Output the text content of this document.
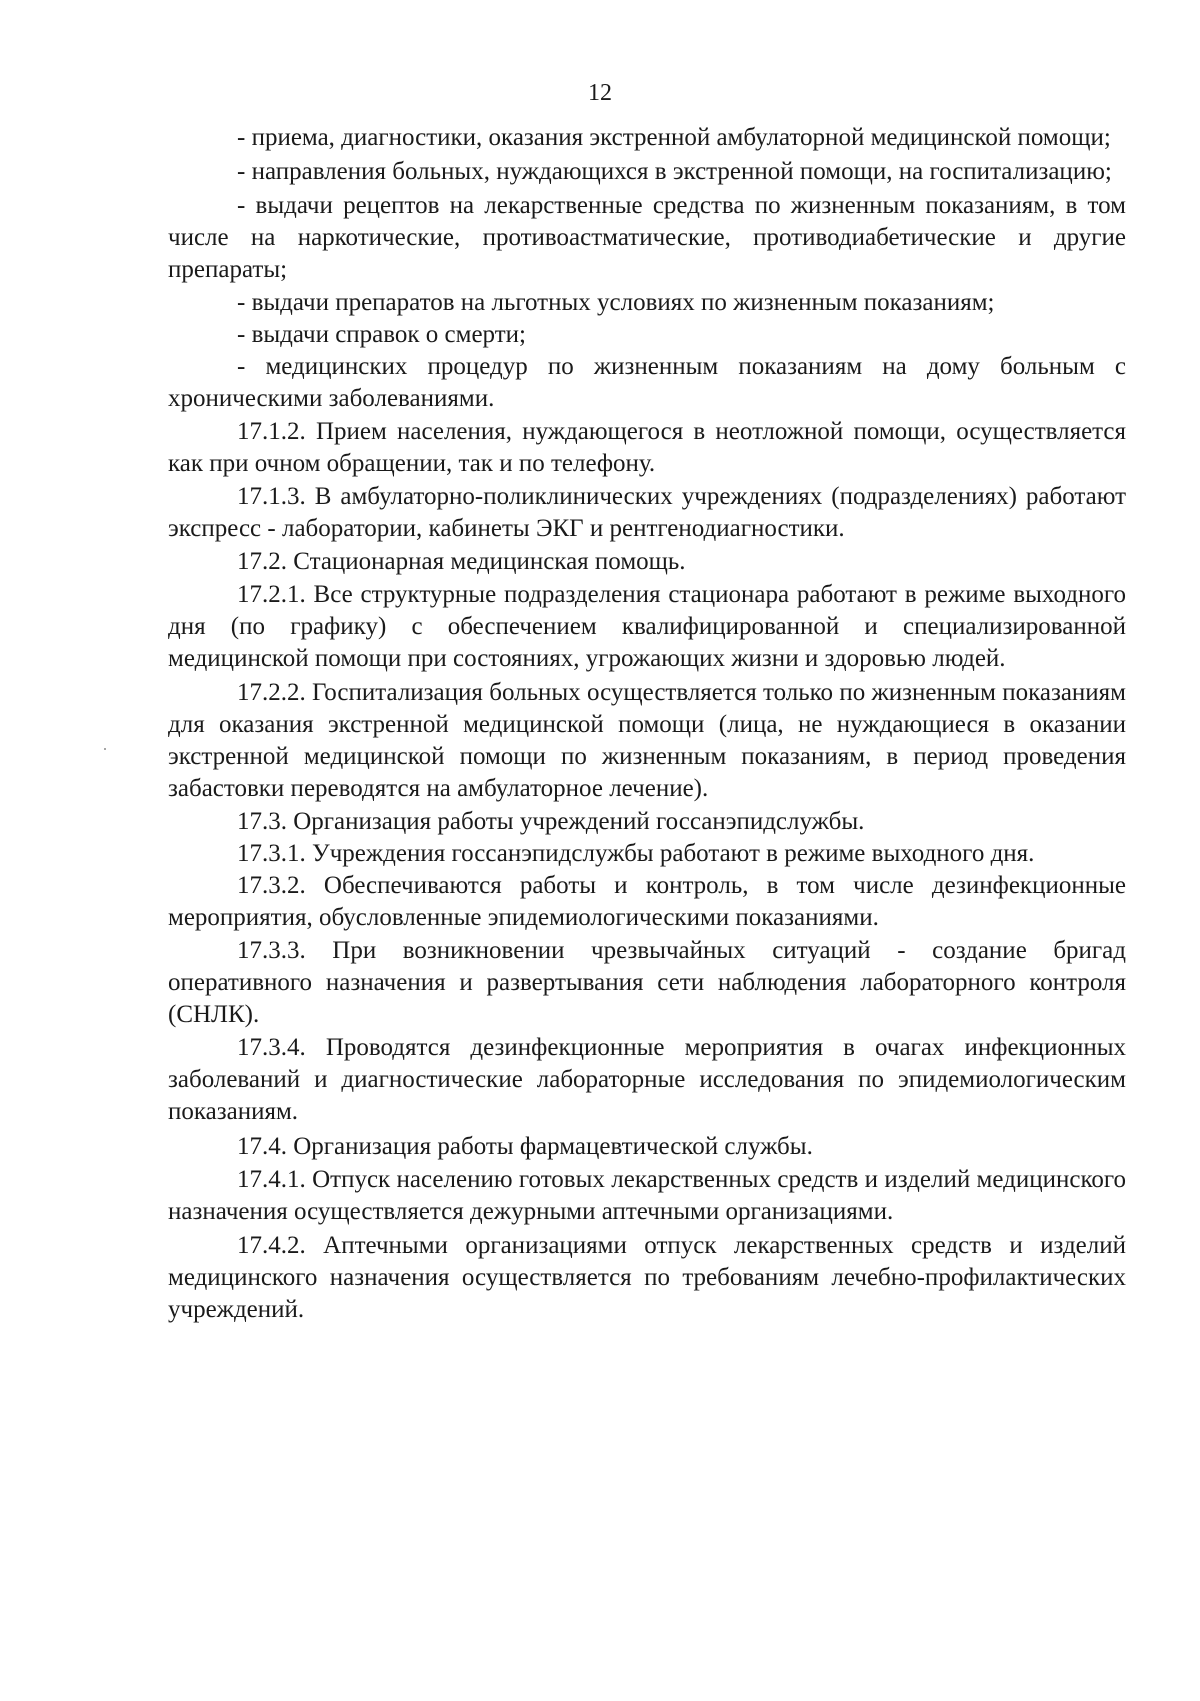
12

- приема, диагностики, оказания экстренной амбулаторной медицинской помощи;

- направления больных, нуждающихся в экстренной помощи, на госпитализацию;

- выдачи рецептов на лекарственные средства по жизненным показаниям, в том числе на наркотические, противоастматические, противодиабетические и другие препараты;

- выдачи препаратов на льготных условиях по жизненным показаниям;

- выдачи справок о смерти;

- медицинских процедур по жизненным показаниям на дому больным с хроническими заболеваниями.

17.1.2. Прием населения, нуждающегося в неотложной помощи, осуществляется как при очном обращении, так и по телефону.

17.1.3. В амбулаторно-поликлинических учреждениях (подразделениях) работают экспресс - лаборатории, кабинеты ЭКГ и рентгенодиагностики.

17.2. Стационарная медицинская помощь.

17.2.1. Все структурные подразделения стационара работают в режиме выходного дня (по графику) с обеспечением квалифицированной и специализированной медицинской помощи при состояниях, угрожающих жизни и здоровью людей.

17.2.2. Госпитализация больных осуществляется только по жизненным показаниям для оказания экстренной медицинской помощи (лица, не нуждающиеся в оказании экстренной медицинской помощи по жизненным показаниям, в период проведения забастовки переводятся на амбулаторное лечение).

17.3. Организация работы учреждений госсанэпидслужбы.

17.3.1. Учреждения госсанэпидслужбы работают в режиме выходного дня.

17.3.2. Обеспечиваются работы и контроль, в том числе дезинфекционные мероприятия, обусловленные эпидемиологическими показаниями.

17.3.3. При возникновении чрезвычайных ситуаций - создание бригад оперативного назначения и развертывания сети наблюдения лабораторного контроля (СНЛК).

17.3.4. Проводятся дезинфекционные мероприятия в очагах инфекционных заболеваний и диагностические лабораторные исследования по эпидемиологическим показаниям.

17.4. Организация работы фармацевтической службы.

17.4.1. Отпуск населению готовых лекарственных средств и изделий медицинского назначения осуществляется дежурными аптечными организациями.

17.4.2. Аптечными организациями отпуск лекарственных средств и изделий медицинского назначения осуществляется по требованиям лечебно-профилактических учреждений.
